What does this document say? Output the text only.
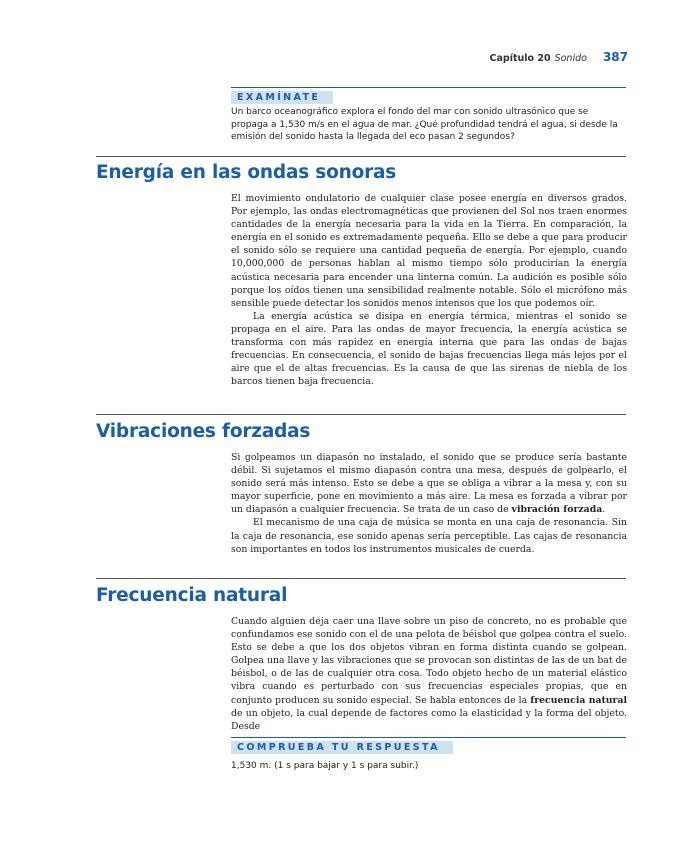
Capítulo 20 Sonido 387
EXAMÍNATE
Un barco oceanográfico explora el fondo del mar con sonido ultrasónico que se propaga a 1,530 m/s en el agua de mar. ¿Qué profundidad tendrá el agua, si desde la emisión del sonido hasta la llegada del eco pasan 2 segundos?
Energía en las ondas sonoras

El movimiento ondulatorio de cualquier clase posee energía en diversos grados. Por ejemplo, las ondas electromagnéticas que provienen del Sol nos traen enormes cantidades de la energía necesaria para la vida en la Tierra. En comparación, la energía en el sonido es extremadamente pequeña. Ello se debe a que para producir el sonido sólo se requiere una cantidad pequeña de energía. Por ejemplo, cuando 10,000,000 de personas hablan al mismo tiempo sólo producirían la energía acústica necesaria para encender una linterna común. La audición es posible sólo porque los oídos tienen una sensibilidad realmente notable. Sólo el micrófono más sensible puede detectar los sonidos menos intensos que los que podemos oír.

La energía acústica se disipa en energía térmica, mientras el sonido se propaga en el aire. Para las ondas de mayor frecuencia, la energía acústica se transforma con más rapidez en energía interna que para las ondas de bajas frecuencias. En consecuencia, el sonido de bajas frecuencias llega más lejos por el aire que el de altas frecuencias. Es la causa de que las sirenas de niebla de los barcos tienen baja frecuencia.

Vibraciones forzadas

Si golpeamos un diapasón no instalado, el sonido que se produce sería bastante débil. Si sujetamos el mismo diapasón contra una mesa, después de golpearlo, el sonido será más intenso. Esto se debe a que se obliga a vibrar a la mesa y, con su mayor superficie, pone en movimiento a más aire. La mesa es forzada a vibrar por un diapasón a cualquier frecuencia. Se trata de un caso de vibración forzada.

El mecanismo de una caja de música se monta en una caja de resonancia. Sin la caja de resonancia, ese sonido apenas sería perceptible. Las cajas de resonancia son importantes en todos los instrumentos musicales de cuerda.

Frecuencia natural

Cuando alguien deja caer una llave sobre un piso de concreto, no es probable que confundamos ese sonido con el de una pelota de béisbol que golpea contra el suelo. Esto se debe a que los dos objetos vibran en forma distinta cuando se golpean. Golpea una llave y las vibraciones que se provocan son distintas de las de un bat de béisbol, o de las de cualquier otra cosa. Todo objeto hecho de un material elástico vibra cuando es perturbado con sus frecuencias especiales propias, que en conjunto producen su sonido especial. Se habla entonces de la frecuencia natural de un objeto, la cual depende de factores como la elasticidad y la forma del objeto. Desde

COMPRUEBA TU RESPUESTA
1,530 m. (1 s para bajar y 1 s para subir.)
